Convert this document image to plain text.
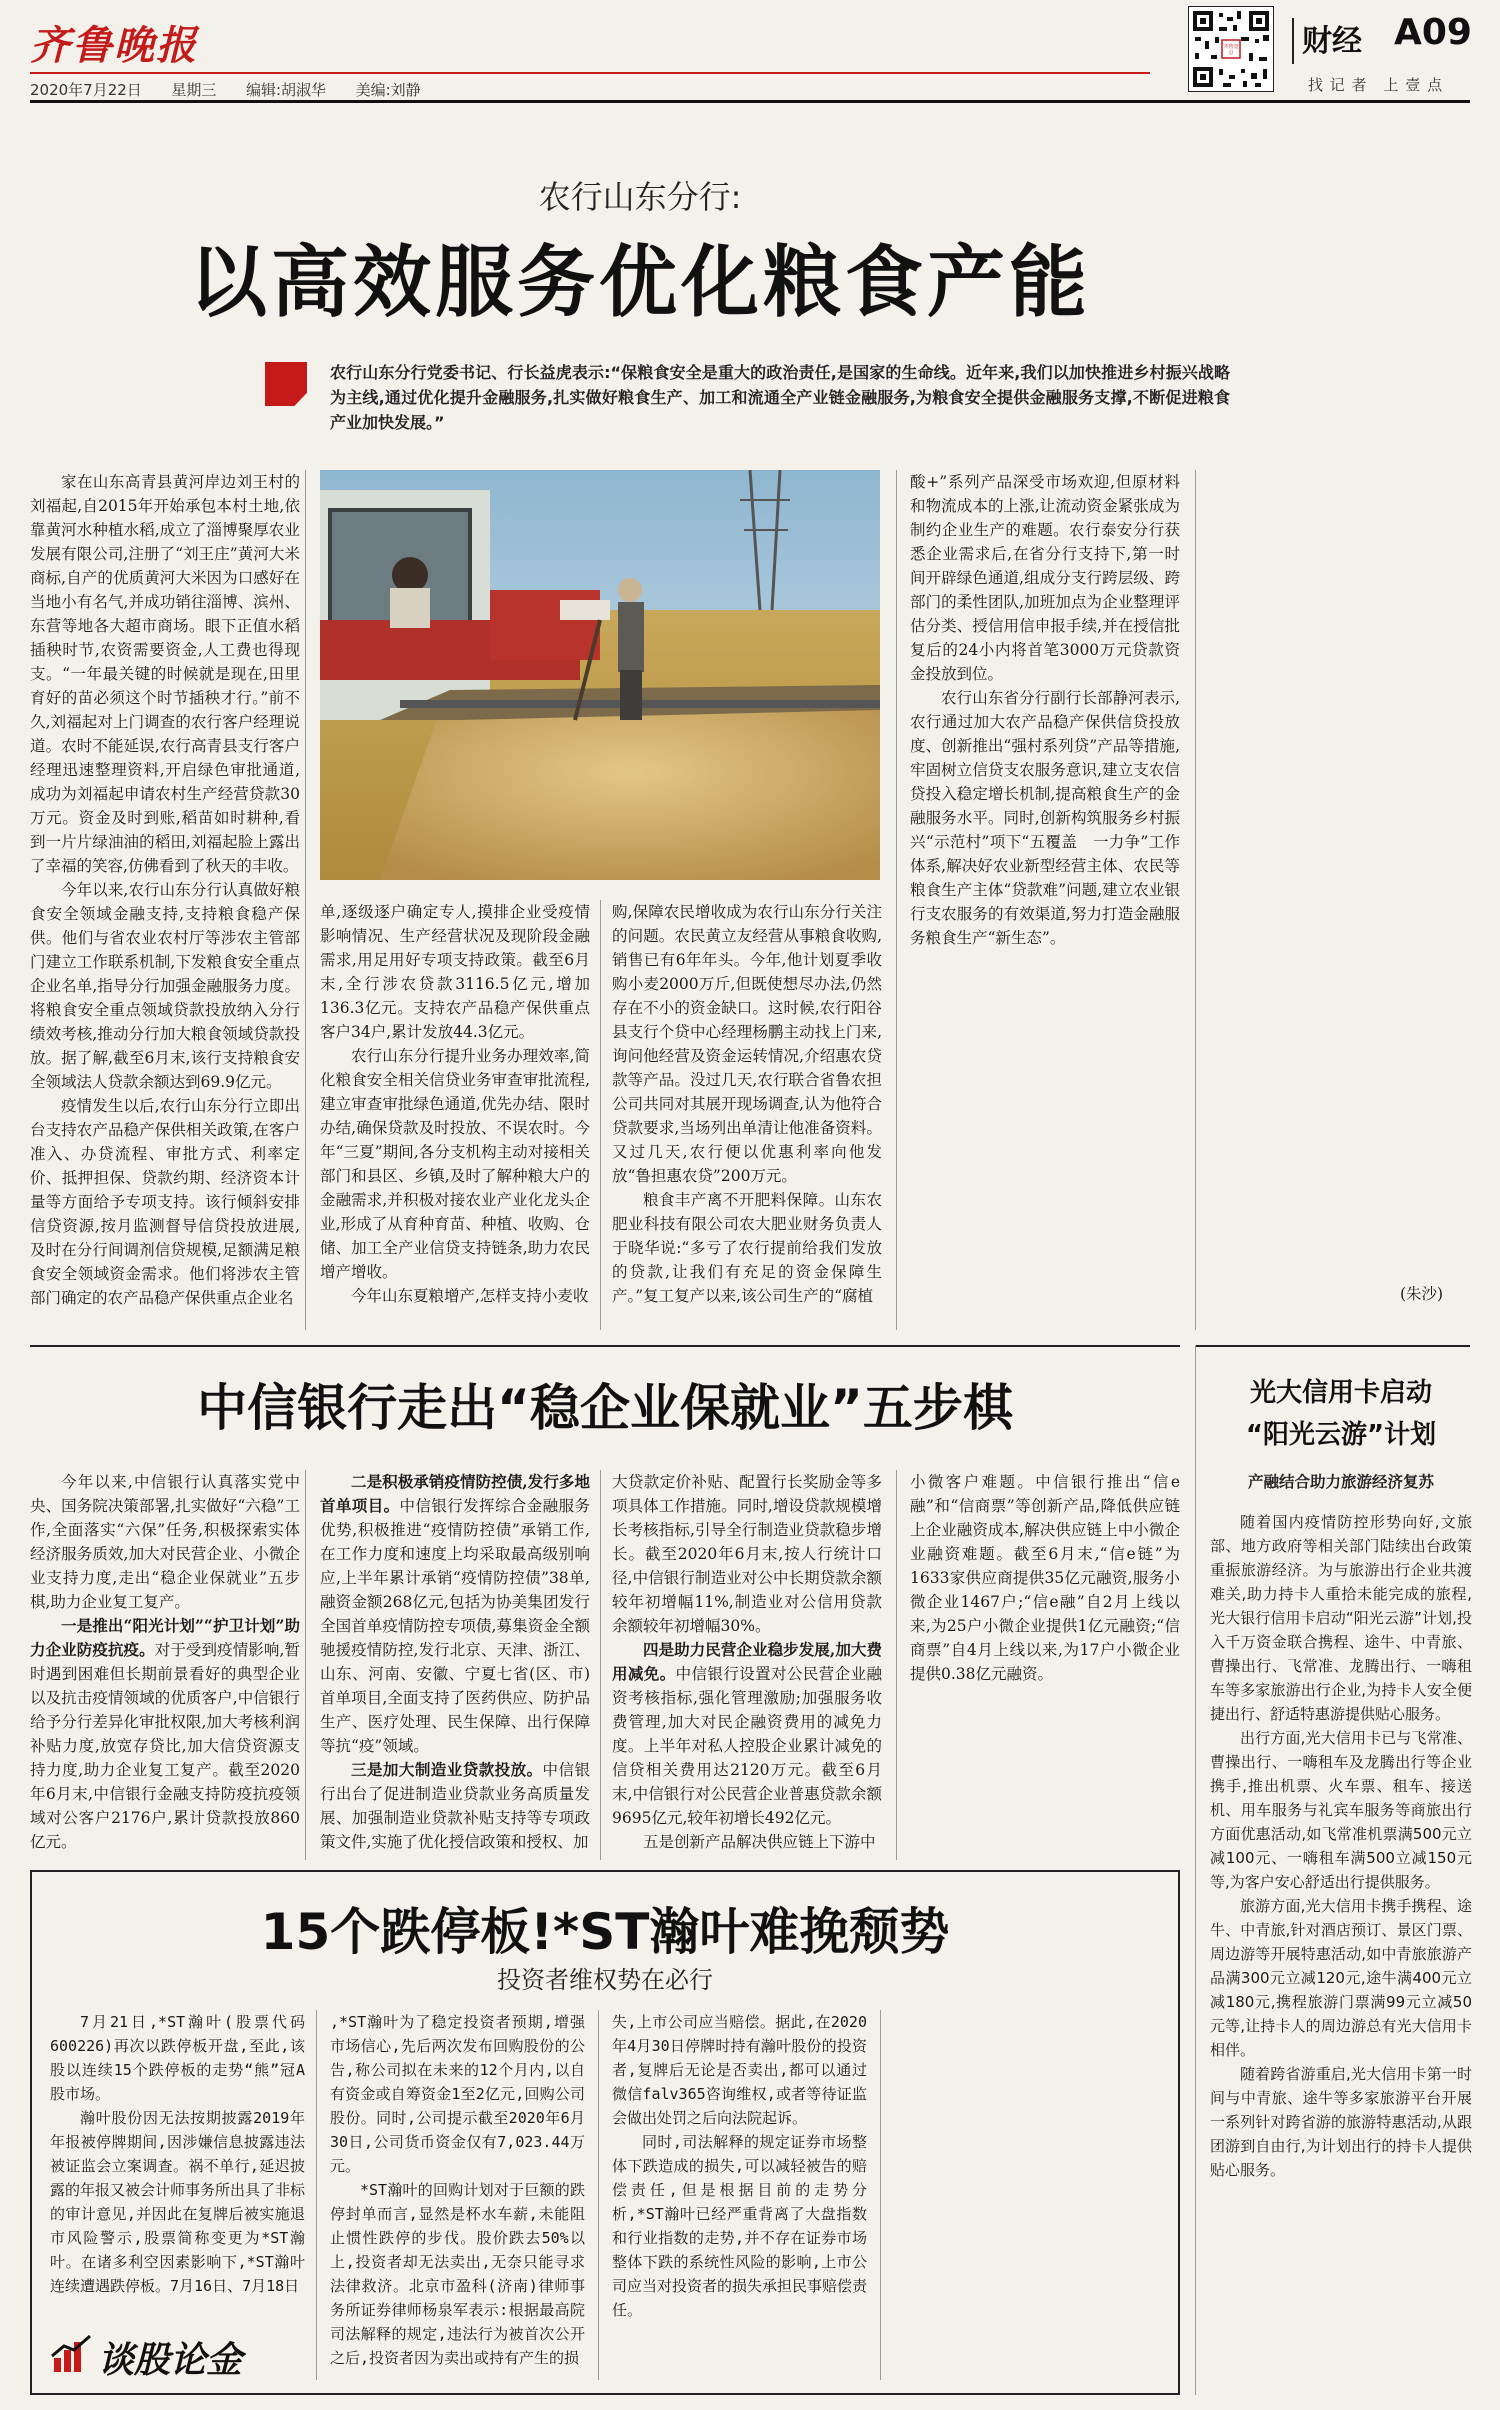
齐鲁晚报
2020年7月22日 星期三 编辑:胡淑华 美编:刘静
齐鲁壹点 财经 A09
找 记 者　上 壹 点
农行山东分行:
以高效服务优化粮食产能
农行山东分行党委书记、行长益虎表示:“保粮食安全是重大的政治责任,是国家的生命线。近年来,我们以加快推进乡村振兴战略为主线,通过优化提升金融服务,扎实做好粮食生产、加工和流通全产业链金融服务,为粮食安全提供金融服务支撑,不断促进粮食产业加快发展。”

家在山东高青县黄河岸边刘王村的刘福起,自2015年开始承包本村土地,依靠黄河水种植水稻,成立了淄博聚厚农业发展有限公司,注册了“刘王庄”黄河大米商标,自产的优质黄河大米因为口感好在当地小有名气,并成功销往淄博、滨州、东营等地各大超市商场。眼下正值水稻插秧时节,农资需要资金,人工费也得现支。“一年最关键的时候就是现在,田里育好的苗必须这个时节插秧才行。”前不久,刘福起对上门调查的农行客户经理说道。农时不能延误,农行高青县支行客户经理迅速整理资料,开启绿色审批通道,成功为刘福起申请农村生产经营贷款30万元。资金及时到账,稻苗如时耕种,看到一片片绿油油的稻田,刘福起脸上露出了幸福的笑容,仿佛看到了秋天的丰收。

今年以来,农行山东分行认真做好粮食安全领域金融支持,支持粮食稳产保供。他们与省农业农村厅等涉农主管部门建立工作联系机制,下发粮食安全重点企业名单,指导分行加强金融服务力度。将粮食安全重点领域贷款投放纳入分行绩效考核,推动分行加大粮食领域贷款投放。据了解,截至6月末,该行支持粮食安全领域法人贷款余额达到69.9亿元。

疫情发生以后,农行山东分行立即出台支持农产品稳产保供相关政策,在客户准入、办贷流程、审批方式、利率定价、抵押担保、贷款约期、经济资本计量等方面给予专项支持。该行倾斜安排信贷资源,按月监测督导信贷投放进展,及时在分行间调剂信贷规模,足额满足粮食安全领域资金需求。他们将涉农主管部门确定的农产品稳产保供重点企业名

单,逐级逐户确定专人,摸排企业受疫情影响情况、生产经营状况及现阶段金融需求,用足用好专项支持政策。截至6月末,全行涉农贷款3116.5亿元,增加136.3亿元。支持农产品稳产保供重点客户34户,累计发放44.3亿元。

农行山东分行提升业务办理效率,简化粮食安全相关信贷业务审查审批流程,建立审查审批绿色通道,优先办结、限时办结,确保贷款及时投放、不误农时。今年“三夏”期间,各分支机构主动对接相关部门和县区、乡镇,及时了解种粮大户的金融需求,并积极对接农业产业化龙头企业,形成了从育种育苗、种植、收购、仓储、加工全产业信贷支持链条,助力农民增产增收。

今年山东夏粮增产,怎样支持小麦收

购,保障农民增收成为农行山东分行关注的问题。农民黄立友经营从事粮食收购,销售已有6年年头。今年,他计划夏季收购小麦2000万斤,但既使想尽办法,仍然存在不小的资金缺口。这时候,农行阳谷县支行个贷中心经理杨鹏主动找上门来,询问他经营及资金运转情况,介绍惠农贷款等产品。没过几天,农行联合省鲁农担公司共同对其展开现场调查,认为他符合贷款要求,当场列出单清让他准备资料。又过几天,农行便以优惠利率向他发放“鲁担惠农贷”200万元。

粮食丰产离不开肥料保障。山东农肥业科技有限公司农大肥业财务负责人于晓华说:“多亏了农行提前给我们发放的贷款,让我们有充足的资金保障生产。”复工复产以来,该公司生产的“腐植

酸+”系列产品深受市场欢迎,但原材料和物流成本的上涨,让流动资金紧张成为制约企业生产的难题。农行泰安分行获悉企业需求后,在省分行支持下,第一时间开辟绿色通道,组成分支行跨层级、跨部门的柔性团队,加班加点为企业整理评估分类、授信用信申报手续,并在授信批复后的24小内将首笔3000万元贷款资金投放到位。

农行山东省分行副行长部静河表示,农行通过加大农产品稳产保供信贷投放度、创新推出“强村系列贷”产品等措施,牢固树立信贷支农服务意识,建立支农信贷投入稳定增长机制,提高粮食生产的金融服务水平。同时,创新构筑服务乡村振兴“示范村”项下“五覆盖　一力争”工作体系,解决好农业新型经营主体、农民等粮食生产主体“贷款难”问题,建立农业银行支农服务的有效渠道,努力打造金融服务粮食生产“新生态”。

(朱沙)
中信银行走出“稳企业保就业”五步棋

今年以来,中信银行认真落实党中央、国务院决策部署,扎实做好“六稳”工作,全面落实“六保”任务,积极探索实体经济服务质效,加大对民营企业、小微企业支持力度,走出“稳企业保就业”五步棋,助力企业复工复产。

一是推出“阳光计划”“护卫计划”助力企业防疫抗疫。对于受到疫情影响,暂时遇到困难但长期前景看好的典型企业以及抗击疫情领域的优质客户,中信银行给予分行差异化审批权限,加大考核利润补贴力度,放宽存贷比,加大信贷资源支持力度,助力企业复工复产。截至2020年6月末,中信银行金融支持防疫抗疫领域对公客户2176户,累计贷款投放860亿元。

二是积极承销疫情防控债,发行多地首单项目。中信银行发挥综合金融服务优势,积极推进“疫情防控债”承销工作,在工作力度和速度上均采取最高级别响应,上半年累计承销“疫情防控债”38单,融资金额268亿元,包括为协美集团发行全国首单疫情防控专项债,募集资金全额驰援疫情防控,发行北京、天津、浙江、山东、河南、安徽、宁夏七省(区、市)首单项目,全面支持了医药供应、防护品生产、医疗处理、民生保障、出行保障等抗“疫”领域。

三是加大制造业贷款投放。中信银行出台了促进制造业贷款业务高质量发展、加强制造业贷款补贴支持等专项政策文件,实施了优化授信政策和授权、加

大贷款定价补贴、配置行长奖励金等多项具体工作措施。同时,增设贷款规模增长考核指标,引导全行制造业贷款稳步增长。截至2020年6月末,按人行统计口径,中信银行制造业对公中长期贷款余额较年初增幅11%,制造业对公信用贷款余额较年初增幅30%。

四是助力民营企业稳步发展,加大费用减免。中信银行设置对公民营企业融资考核指标,强化管理激励;加强服务收费管理,加大对民企融资费用的减免力度。上半年对私人控股企业累计减免的信贷相关费用达2120万元。截至6月末,中信银行对公民营企业普惠贷款余额9695亿元,较年初增长492亿元。

五是创新产品解决供应链上下游中

小微客户难题。中信银行推出“信e融”和“信商票”等创新产品,降低供应链上企业融资成本,解决供应链上中小微企业融资难题。截至6月末,“信e链”为1633家供应商提供35亿元融资,服务小微企业1467户;“信e融”自2月上线以来,为25户小微企业提供1亿元融资;“信商票”自4月上线以来,为17户小微企业提供0.38亿元融资。

15个跌停板!*ST瀚叶难挽颓势
投资者维权势在必行

7月21日,*ST瀚叶(股票代码600226)再次以跌停板开盘,至此,该股以连续15个跌停板的走势“熊”冠A股市场。

瀚叶股份因无法按期披露2019年年报被停牌期间,因涉嫌信息披露违法被证监会立案调查。祸不单行,延迟披露的年报又被会计师事务所出具了非标的审计意见,并因此在复牌后被实施退市风险警示,股票简称变更为*ST瀚叶。在诸多利空因素影响下,*ST瀚叶连续遭遇跌停板。7月16日、7月18日

,*ST瀚叶为了稳定投资者预期,增强市场信心,先后两次发布回购股份的公告,称公司拟在未来的12个月内,以自有资金或自筹资金1至2亿元,回购公司股份。同时,公司提示截至2020年6月30日,公司货币资金仅有7,023.44万元。

*ST瀚叶的回购计划对于巨额的跌停封单而言,显然是杯水车薪,未能阻止惯性跌停的步伐。股价跌去50%以上,投资者却无法卖出,无奈只能寻求法律救济。北京市盈科(济南)律师事务所证券律师杨泉军表示:根据最高院司法解释的规定,违法行为被首次公开之后,投资者因为卖出或持有产生的损

失,上市公司应当赔偿。据此,在2020年4月30日停牌时持有瀚叶股份的投资者,复牌后无论是否卖出,都可以通过微信falv365咨询维权,或者等待证监会做出处罚之后向法院起诉。

同时,司法解释的规定证券市场整体下跌造成的损失,可以减轻被告的赔偿责任,但是根据目前的走势分析,*ST瀚叶已经严重背离了大盘指数和行业指数的走势,并不存在证券市场整体下跌的系统性风险的影响,上市公司应当对投资者的损失承担民事赔偿责任。

谈股论金
光大信用卡启动
“阳光云游”计划
产融结合助力旅游经济复苏

随着国内疫情防控形势向好,文旅部、地方政府等相关部门陆续出台政策重振旅游经济。为与旅游出行企业共渡难关,助力持卡人重拾未能完成的旅程,光大银行信用卡启动“阳光云游”计划,投入千万资金联合携程、途牛、中青旅、曹操出行、飞常准、龙腾出行、一嗨租车等多家旅游出行企业,为持卡人安全便捷出行、舒适特惠游提供贴心服务。

出行方面,光大信用卡已与飞常准、曹操出行、一嗨租车及龙腾出行等企业携手,推出机票、火车票、租车、接送机、用车服务与礼宾车服务等商旅出行方面优惠活动,如飞常准机票满500元立减100元、一嗨租车满500立减150元等,为客户安心舒适出行提供服务。

旅游方面,光大信用卡携手携程、途牛、中青旅,针对酒店预订、景区门票、周边游等开展特惠活动,如中青旅旅游产品满300元立减120元,途牛满400元立减180元,携程旅游门票满99元立减50元等,让持卡人的周边游总有光大信用卡相伴。

随着跨省游重启,光大信用卡第一时间与中青旅、途牛等多家旅游平台开展一系列针对跨省游的旅游特惠活动,从跟团游到自由行,为计划出行的持卡人提供贴心服务。
